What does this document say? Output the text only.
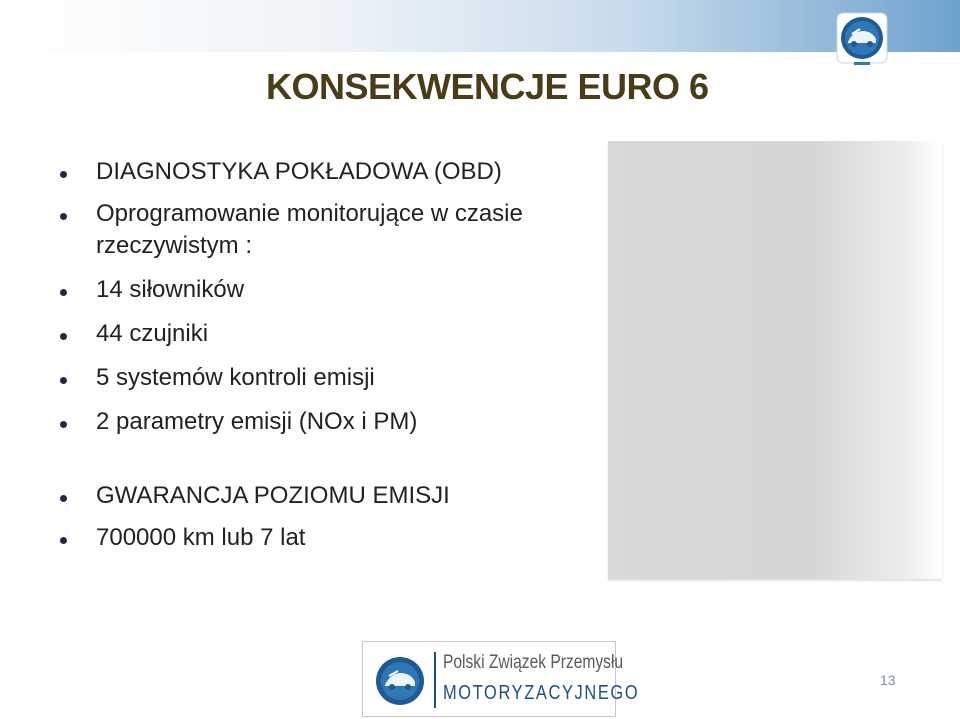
KONSEKWENCJE EURO 6
DIAGNOSTYKA POKŁADOWA (OBD)
Oprogramowanie monitorujące w czasie rzeczywistym :
14 siłowników
44 czujniki
5 systemów kontroli emisji
2 parametry emisji (NOx i PM)
GWARANCJA POZIOMU EMISJI
700000 km lub 7 lat
Polski Związek Przemysłu
MOTORYZACYJNEGO
13
